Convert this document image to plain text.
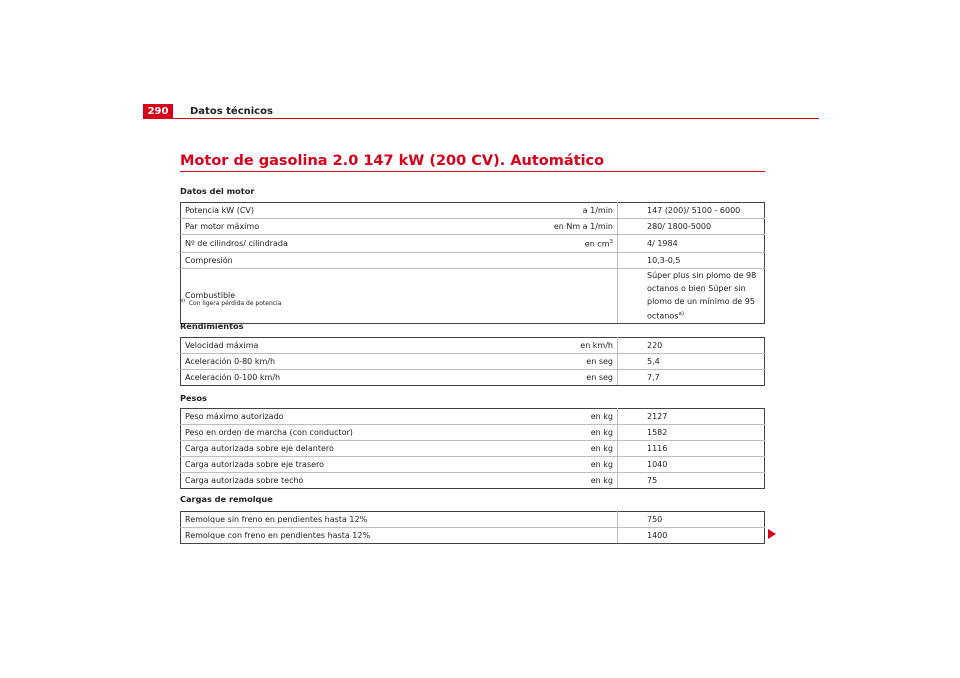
290	Datos técnicos
Motor de gasolina 2.0 147 kW (200 CV). Automático
Datos del motor
Potencia kW (CV)	a 1/min	147 (200)/ 5100 - 6000
Par motor máximo	en Nm a 1/min	280/ 1800-5000
Nº de cilindros/ cilindrada	en $cm^3$	4/ 1984
Compresión		10,3-0,5
Combustible		Súper plus sin plomo de 98 octanos o bien Súper sin plomo de un mínimo de 95 octanos$^{a)}$
$^{a)}$ Con ligera pérdida de potencia
Rendimientos
Velocidad máxima	en km/h	220
Aceleración 0-80 km/h	en seg	5,4
Aceleración 0-100 km/h	en seg	7,7
Pesos
Peso máximo autorizado	en kg	2127
Peso en orden de marcha (con conductor)	en kg	1582
Carga autorizada sobre eje delantero	en kg	1116
Carga autorizada sobre eje trasero	en kg	1040
Carga autorizada sobre techo	en kg	75
Cargas de remolque
Remolque sin freno en pendientes hasta 12%		750
Remolque con freno en pendientes hasta 12%		1400
